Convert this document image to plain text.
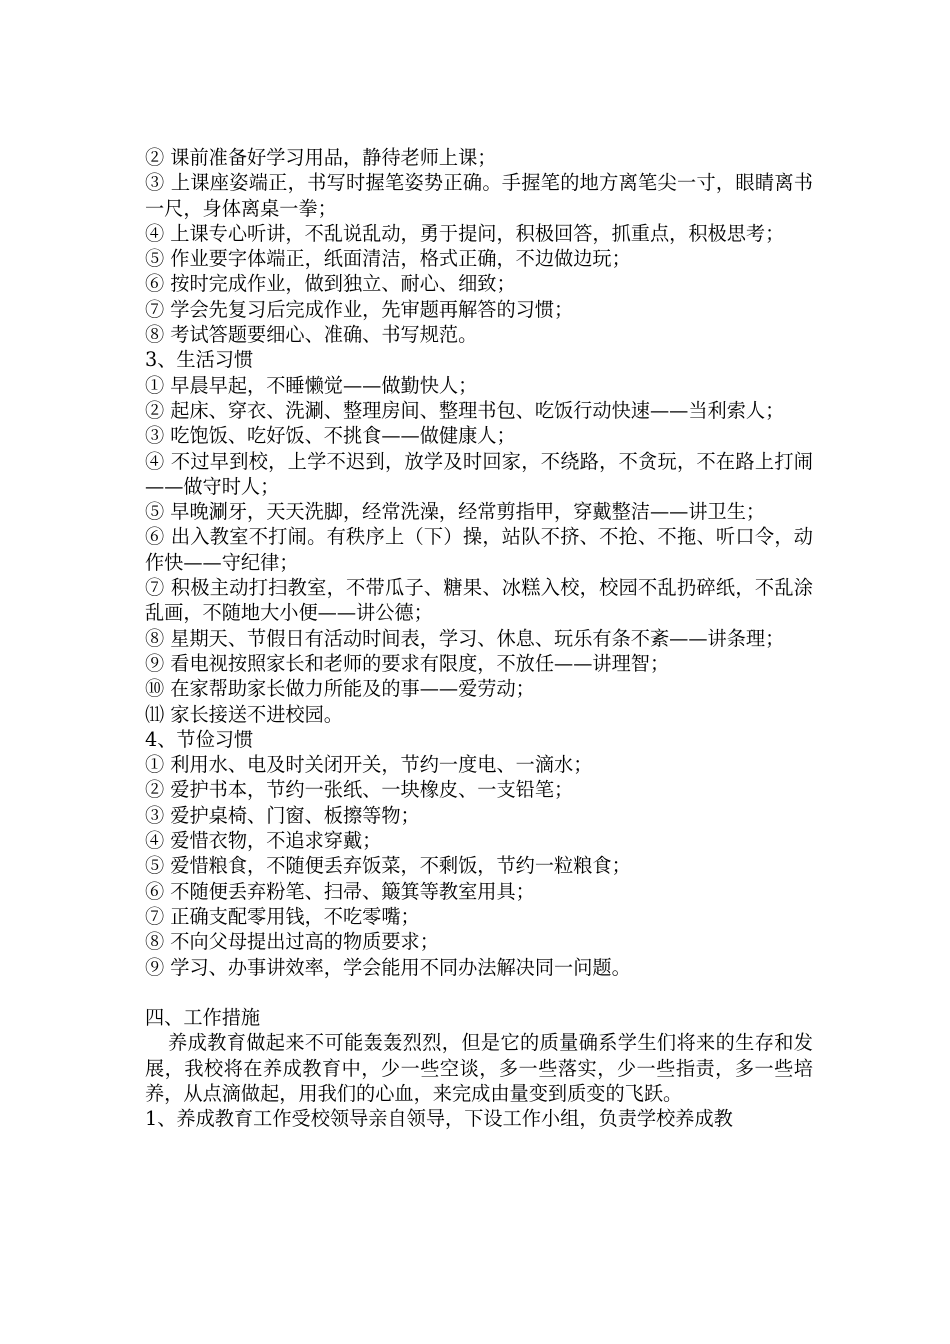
② 课前准备好学习用品，静待老师上课；

③ 上课座姿端正，书写时握笔姿势正确。手握笔的地方离笔尖一寸，眼睛离书一尺，身体离桌一拳；

④ 上课专心听讲，不乱说乱动，勇于提问，积极回答，抓重点，积极思考；

⑤ 作业要字体端正，纸面清洁，格式正确，不边做边玩；

⑥ 按时完成作业，做到独立、耐心、细致；

⑦ 学会先复习后完成作业，先审题再解答的习惯；

⑧ 考试答题要细心、准确、书写规范。

3、生活习惯

① 早晨早起，不睡懒觉——做勤快人；

② 起床、穿衣、洗涮、整理房间、整理书包、吃饭行动快速——当利索人；

③ 吃饱饭、吃好饭、不挑食——做健康人；

④ 不过早到校，上学不迟到，放学及时回家，不绕路，不贪玩，不在路上打闹——做守时人；

⑤ 早晚涮牙，天天洗脚，经常洗澡，经常剪指甲，穿戴整洁——讲卫生；

⑥ 出入教室不打闹。有秩序上（下）操，站队不挤、不抢、不拖、听口令，动作快——守纪律；

⑦ 积极主动打扫教室，不带瓜子、糖果、冰糕入校，校园不乱扔碎纸，不乱涂乱画，不随地大小便——讲公德；

⑧ 星期天、节假日有活动时间表，学习、休息、玩乐有条不紊——讲条理；

⑨ 看电视按照家长和老师的要求有限度，不放任——讲理智；

⑩ 在家帮助家长做力所能及的事——爱劳动；

⑾ 家长接送不进校园。

4、节俭习惯

① 利用水、电及时关闭开关，节约一度电、一滴水；

② 爱护书本，节约一张纸、一块橡皮、一支铅笔；

③ 爱护桌椅、门窗、板擦等物；

④ 爱惜衣物，不追求穿戴；

⑤ 爱惜粮食，不随便丢弃饭菜，不剩饭，节约一粒粮食；

⑥ 不随便丢弃粉笔、扫帚、簸箕等教室用具；

⑦ 正确支配零用钱，不吃零嘴；

⑧ 不向父母提出过高的物质要求；

⑨ 学习、办事讲效率，学会能用不同办法解决同一问题。

四、工作措施

养成教育做起来不可能轰轰烈烈，但是它的质量确系学生们将来的生存和发展，我校将在养成教育中，少一些空谈，多一些落实，少一些指责，多一些培养，从点滴做起，用我们的心血，来完成由量变到质变的飞跃。

1、养成教育工作受校领导亲自领导，下设工作小组，负责学校养成教
